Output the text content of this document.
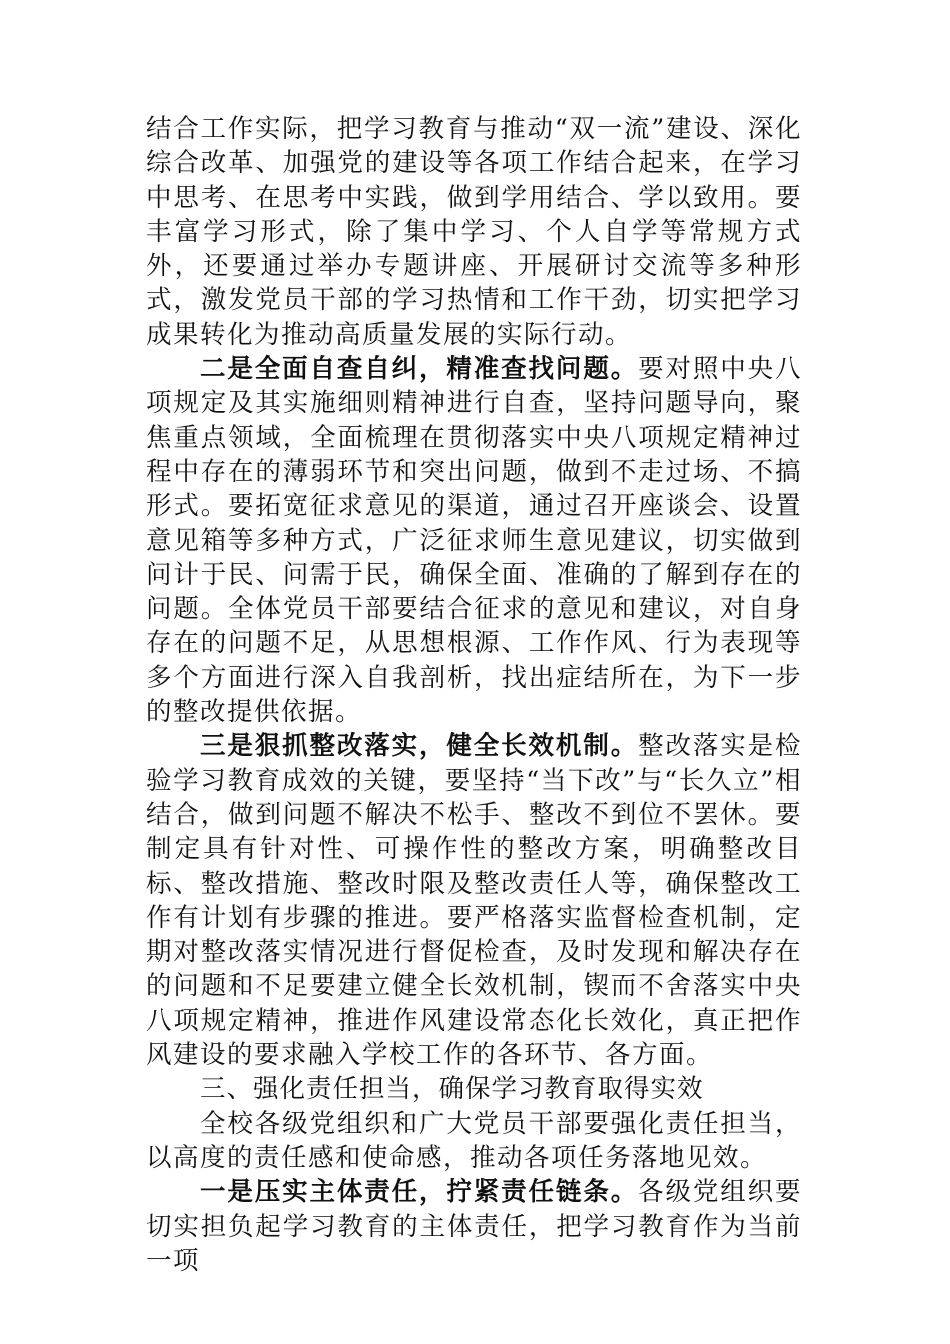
结合工作实际，把学习教育与推动“双一流”建设、深化综合改革、加强党的建设等各项工作结合起来，在学习中思考、在思考中实践，做到学用结合、学以致用。要丰富学习形式，除了集中学习、个人自学等常规方式外，还要通过举办专题讲座、开展研讨交流等多种形式，激发党员干部的学习热情和工作干劲，切实把学习成果转化为推动高质量发展的实际行动。

二是全面自查自纠，精准查找问题。要对照中央八项规定及其实施细则精神进行自查，坚持问题导向，聚焦重点领域，全面梳理在贯彻落实中央八项规定精神过程中存在的薄弱环节和突出问题，做到不走过场、不搞形式。要拓宽征求意见的渠道，通过召开座谈会、设置意见箱等多种方式，广泛征求师生意见建议，切实做到问计于民、问需于民，确保全面、准确的了解到存在的问题。全体党员干部要结合征求的意见和建议，对自身存在的问题不足，从思想根源、工作作风、行为表现等多个方面进行深入自我剖析，找出症结所在，为下一步的整改提供依据。

三是狠抓整改落实，健全长效机制。整改落实是检验学习教育成效的关键，要坚持“当下改”与“长久立”相结合，做到问题不解决不松手、整改不到位不罢休。要制定具有针对性、可操作性的整改方案，明确整改目标、整改措施、整改时限及整改责任人等，确保整改工作有计划有步骤的推进。要严格落实监督检查机制，定期对整改落实情况进行督促检查，及时发现和解决存在的问题和不足要建立健全长效机制，锲而不舍落实中央八项规定精神，推进作风建设常态化长效化，真正把作风建设的要求融入学校工作的各环节、各方面。

三、强化责任担当，确保学习教育取得实效

全校各级党组织和广大党员干部要强化责任担当，以高度的责任感和使命感，推动各项任务落地见效。

一是压实主体责任，拧紧责任链条。各级党组织要切实担负起学习教育的主体责任，把学习教育作为当前一项
